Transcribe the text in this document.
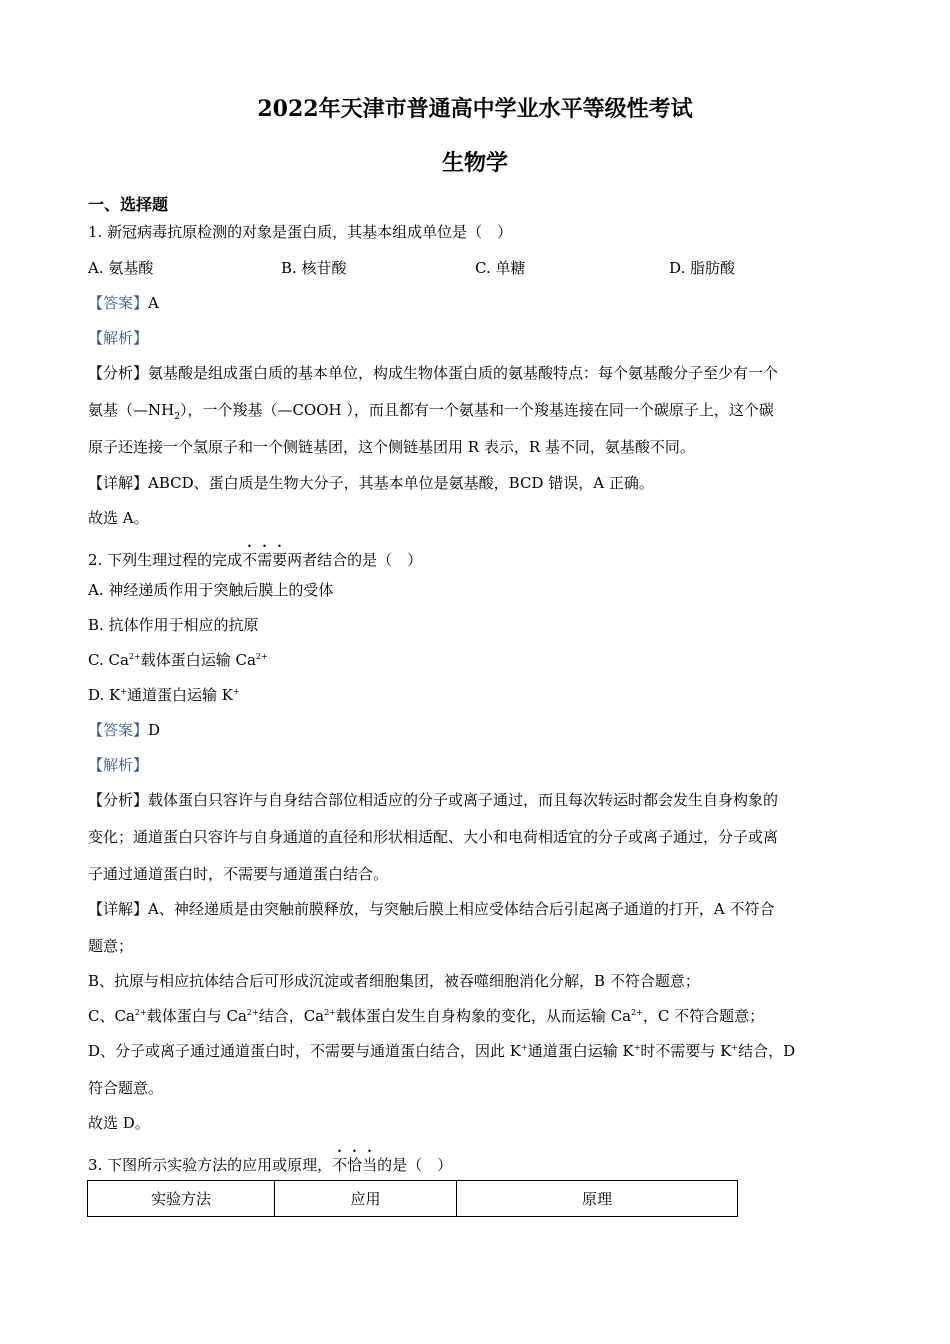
2022年天津市普通高中学业水平等级性考试
生物学
一、选择题
1. 新冠病毒抗原检测的对象是蛋白质，其基本组成单位是（　）
A. 氨基酸	B. 核苷酸	C. 单糖	D. 脂肪酸
【答案】A
【解析】
【分析】氨基酸是组成蛋白质的基本单位，构成生物体蛋白质的氨基酸特点：每个氨基酸分子至少有一个
氨基$(—NH_2)$，一个羧基（—COOH ），而且都有一个氨基和一个羧基连接在同一个碳原子上，这个碳
原子还连接一个氢原子和一个侧链基团，这个侧链基团用 R 表示，R 基不同，氨基酸不同。
【详解】ABCD、蛋白质是生物大分子，其基本单位是氨基酸，BCD 错误，A 正确。
故选 A。
2. 下列生理过程的完成不需要两者结合的是（　）
A. 神经递质作用于突触后膜上的受体
B. 抗体作用于相应的抗原
C. $Ca^{2+}$载体蛋白运输 $Ca^{2+}$
D. K+通道蛋白运输 K+
【答案】D
【解析】
【分析】载体蛋白只容许与自身结合部位相适应的分子或离子通过，而且每次转运时都会发生自身构象的
变化；通道蛋白只容许与自身通道的直径和形状相适配、大小和电荷相适宜的分子或离子通过，分子或离
子通过通道蛋白时，不需要与通道蛋白结合。
【详解】A、神经递质是由突触前膜释放，与突触后膜上相应受体结合后引起离子通道的打开，A 不符合
题意；
B、抗原与相应抗体结合后可形成沉淀或者细胞集团，被吞噬细胞消化分解，B 不符合题意；
C、$Ca^{2+}$载体蛋白与 $Ca^{2+}$结合，$Ca^{2+}$载体蛋白发生自身构象的变化，从而运输 $Ca^{2+}$，C 不符合题意；
D、分子或离子通过通道蛋白时，不需要与通道蛋白结合，因此 K+通道蛋白运输 K+时不需要与 K+结合，D
符合题意。
故选 D。
3. 下图所示实验方法的应用或原理，不恰当的是（　）
实验方法	应用	原理
